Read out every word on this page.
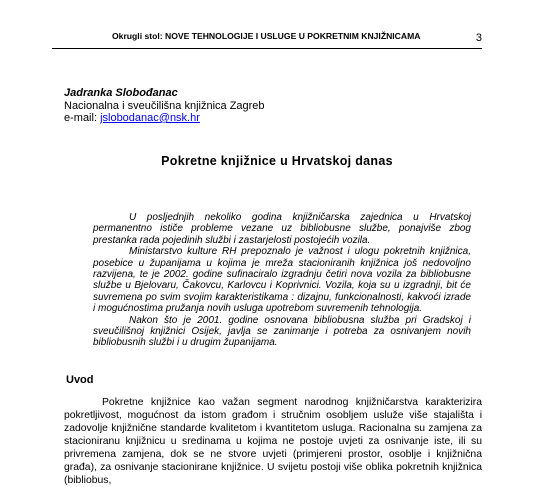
Okrugli stol: NOVE TEHNOLOGIJE I USLUGE U POKRETNIM KNJIŽNICAMA	3
Jadranka Slobođanac
Nacionalna i sveučilišna knjižnica Zagreb
e-mail: jslobodanac@nsk.hr
Pokretne knjižnice u Hrvatskoj danas

U posljednjih nekoliko godina knjižničarska zajednica u Hrvatskoj permanentno ističe probleme vezane uz bibliobusne službe, ponajviše zbog prestanka rada pojedinih službi i zastarjelosti postojećih vozila.

Ministarstvo kulture RH prepoznalo je važnost i ulogu pokretnih knjižnica, posebice u županijama u kojima je mreža stacioniranih knjižnica još nedovoljno razvijena, te je 2002. godine sufinaciralo izgradnju četiri nova vozila za bibliobusne službe u Bjelovaru, Čakovcu, Karlovcu i Koprivnici. Vozila, koja su u izgradnji, bit će suvremena po svim svojim karakteristikama : dizajnu, funkcionalnosti, kakvoći izrade i mogućnostima pružanja novih usluga upotrebom suvremenih tehnologija.

Nakon što je 2001. godine osnovana bibliobusna služba pri Gradskoj i sveučilišnoj knjižnici Osijek, javlja se zanimanje i potreba za osnivanjem novih bibliobusnih službi i u drugim županijama.

Uvod

Pokretne knjižnice kao važan segment narodnog knjižničarstva karakterizira pokretljivost, mogućnost da istom građom i stručnim osobljem usluže više stajališta i zadovolje knjižnične standarde kvalitetom i kvantitetom usluga. Racionalna su zamjena za stacioniranu knjižnicu u sredinama u kojima ne postoje uvjeti za osnivanje iste, ili su privremena zamjena, dok se ne stvore uvjeti (primjereni prostor, osoblje i knjižnična građa), za osnivanje stacionirane knjižnice. U svijetu postoji više oblika pokretnih knjižnica (bibliobus,
